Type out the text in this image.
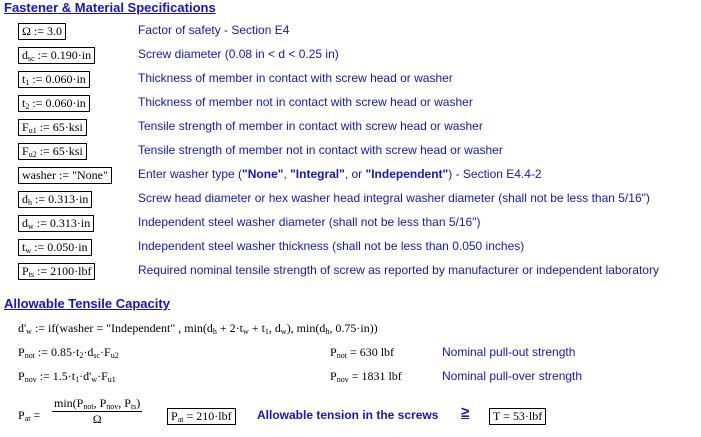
Fastener & Material Specifications
Ω := 3.0	Factor of safety - Section E4
$d_{sc}$ := 0.190·in	Screw diameter (0.08 in < d < 0.25 in)
$t_1$ := 0.060·in	Thickness of member in contact with screw head or washer
$t_2$ := 0.060·in	Thickness of member not in contact with screw head or washer
$F_{u1}$ := 65·ksi	Tensile strength of member in contact with screw head or washer
$F_{u2}$ := 65·ksi	Tensile strength of member not in contact with screw head or washer
washer := "None"	Enter washer type ("None", "Integral", or "Independent") - Section E4.4-2
$d_h$ := 0.313·in	Screw head diameter or hex washer head integral washer diameter (shall not be less than 5/16")
$d_w$ := 0.313·in	Independent steel washer diameter (shall not be less than 5/16")
$t_w$ := 0.050·in	Independent steel washer thickness (shall not be less than 0.050 inches)
$P_{ts}$ := 2100·lbf	Required nominal tensile strength of screw as reported by manufacturer or independent laboratory
Allowable Tensile Capacity
$d'_w$ := if(washer = "Independent" , $\min(d_h + 2\cdot t_w + t_1$, $d_w$), $\min(d_h$, 0.75·in))
$P_{not}$ := $0.85\cdot t_2\cdot d_{sc}\cdot F_{u2}$	$P_{not} = 630$ lbf	Nominal pull-out strength
$P_{nov}$ := $1.5\cdot t_1\cdot d'_w\cdot F_{u1}$	$P_{nov} = 1831$ lbf	Nominal pull-over strength
$P_{at}$ =
$\min(P_{not}$, $P_{nov}$, $P_{ts}$)
Ω	$P_{at} = 210\cdot lbf$	Allowable tension in the screws ≥	T = 53·lbf
